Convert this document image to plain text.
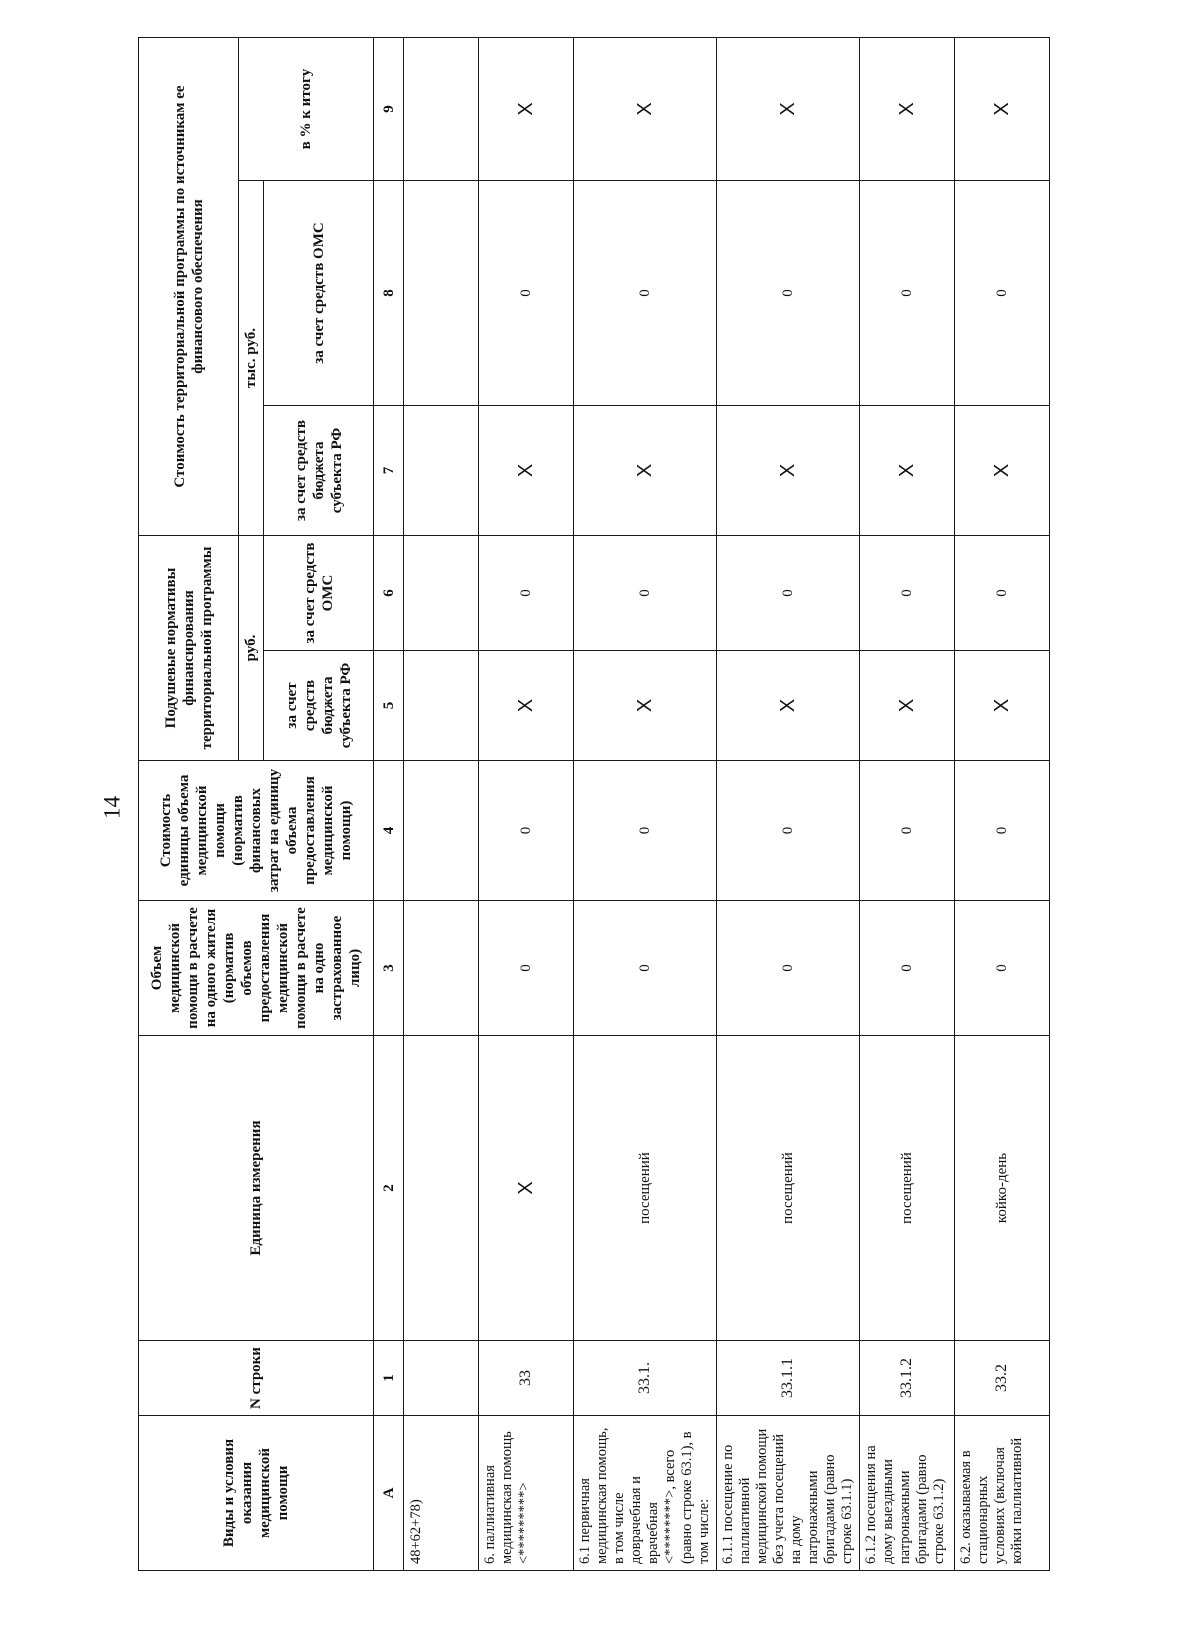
14
Виды и условия оказания медицинской помощи	N строки	Единица измерения	Объем медицинской помощи в расчете на одного жителя (норматив объемов предоставления медицинской помощи в расчете на одно застрахованное лицо)	Стоимость единицы объема медицинской помощи (норматив финансовых затрат на единицу объема предоставления медицинской помощи)	Подушевые нормативы финансирования территориальной программы		Стоимость территориальной программы по источникам ее финансового обеспечения		
					руб.		тыс. руб.		в % к итогу
					за счет средств бюджета субъекта РФ	за счет средств ОМС	за счет средств бюджета субъекта РФ	за счет средств ОМС	
А	1	2	3	4	5	6	7	8	9
48+62+78)									
6. паллиативная медицинская помощь <*********>	33	X	0	0	X	0	X	0	X
6.1 первичная медицинская помощь, в том числе доврачебная и врачебная <********>, всего (равно строке 63.1), в том числе:	33.1.	посещений	0	0	X	0	X	0	X
6.1.1 посещение по паллиативной медицинской помощи без учета посещений на дому патронажными бригадами (равно строке 63.1.1)	33.1.1	посещений	0	0	X	0	X	0	X
6.1.2 посещения на дому выездными патронажными бригадами (равно строке 63.1.2)	33.1.2	посещений	0	0	X	0	X	0	X
6.2. оказываемая в стационарных условиях (включая койки паллиативной	33.2	койко-день	0	0	X	0	X	0	X
